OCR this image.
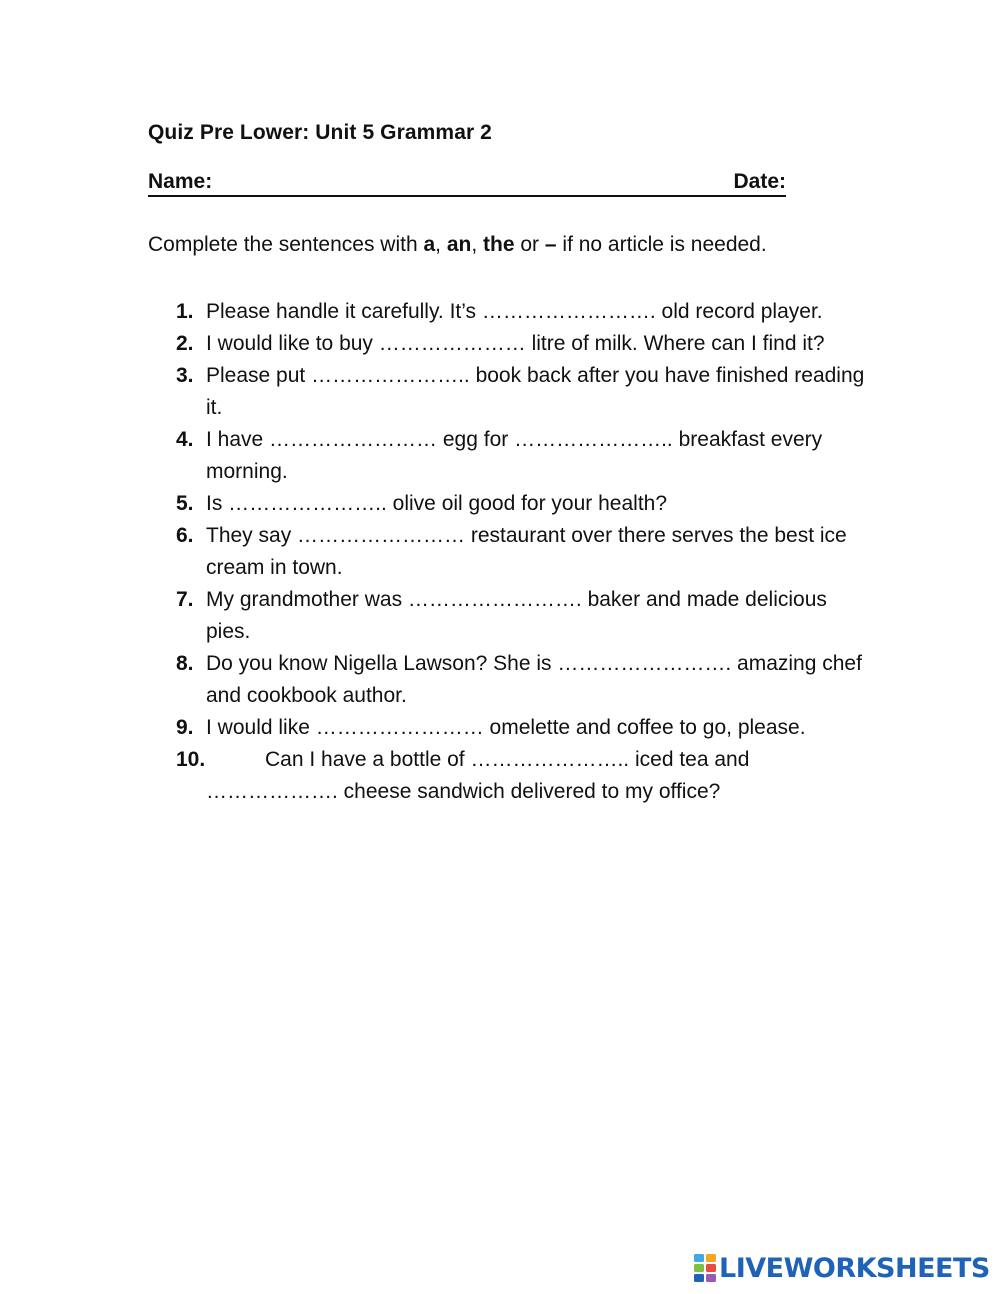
Quiz Pre Lower: Unit 5 Grammar 2
Name:	Date:
Complete the sentences with a, an, the or – if no article is needed.
1. Please handle it carefully. It’s ……………………. old record player.
2. I would like to buy ………………… litre of milk. Where can I find it?
3. Please put ………………….. book back after you have finished reading it.
4. I have …………………… egg for ………………….. breakfast every morning.
5. Is ………………….. olive oil good for your health?
6. They say …………………… restaurant over there serves the best ice cream in town.
7. My grandmother was ……………………. baker and made delicious pies.
8. Do you know Nigella Lawson? She is ……………………. amazing chef and cookbook author.
9. I would like …………………… omelette and coffee to go, please.
10.	Can I have a bottle of ………………….. iced tea and
………………. cheese sandwich delivered to my office?
LIVEWORKSHEETS
